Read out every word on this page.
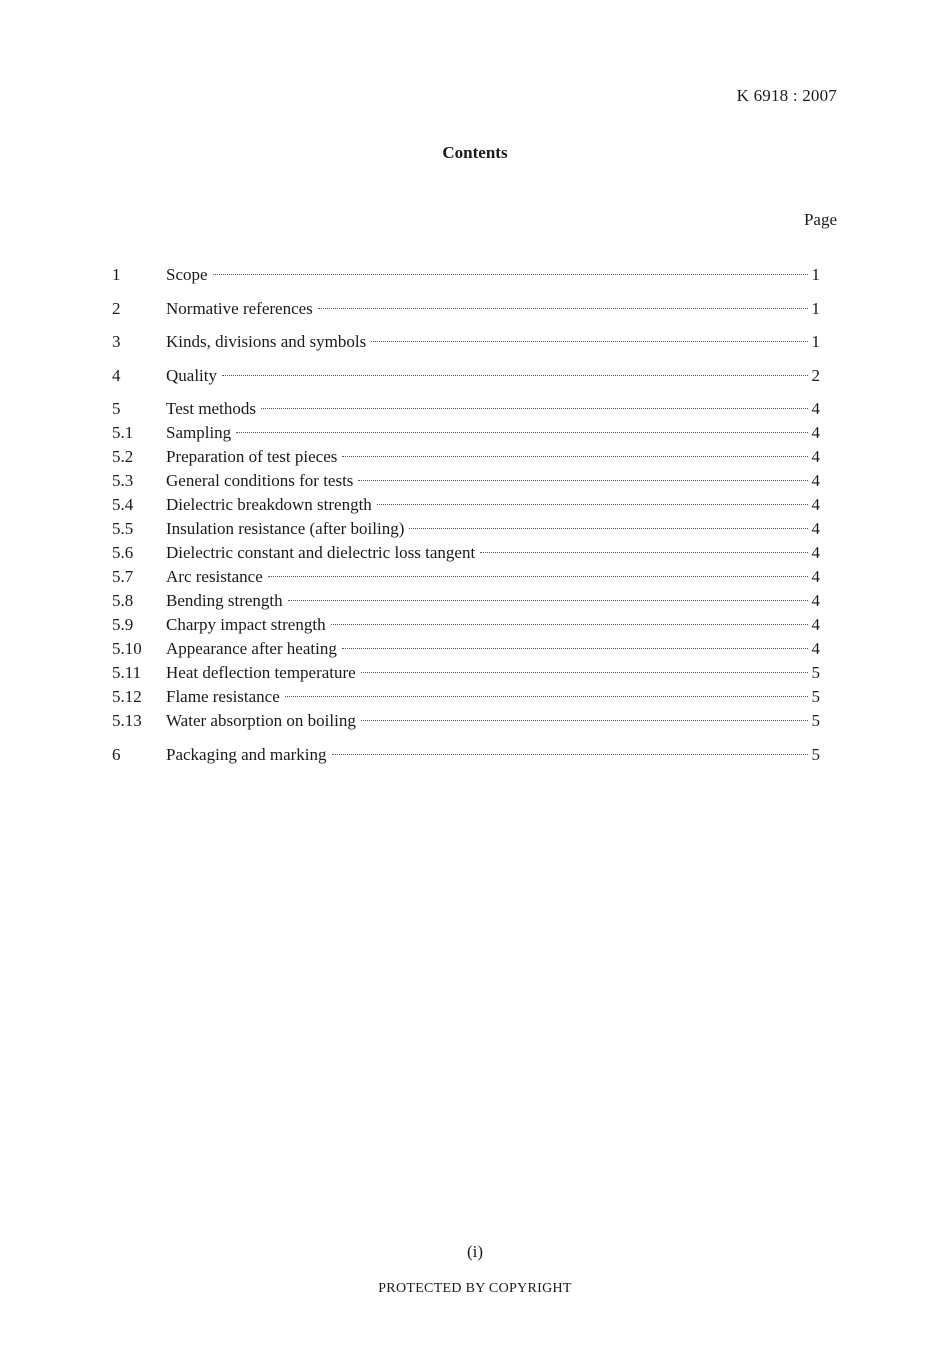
K 6918 : 2007
Contents
Page
1	Scope	1
2	Normative references	1
3	Kinds, divisions and symbols	1
4	Quality	2
5	Test methods	4
5.1	Sampling	4
5.2	Preparation of test pieces	4
5.3	General conditions for tests	4
5.4	Dielectric breakdown strength	4
5.5	Insulation resistance (after boiling)	4
5.6	Dielectric constant and dielectric loss tangent	4
5.7	Arc resistance	4
5.8	Bending strength	4
5.9	Charpy impact strength	4
5.10	Appearance after heating	4
5.11	Heat deflection temperature	5
5.12	Flame resistance	5
5.13	Water absorption on boiling	5
6	Packaging and marking	5
(i)
PROTECTED BY COPYRIGHT
